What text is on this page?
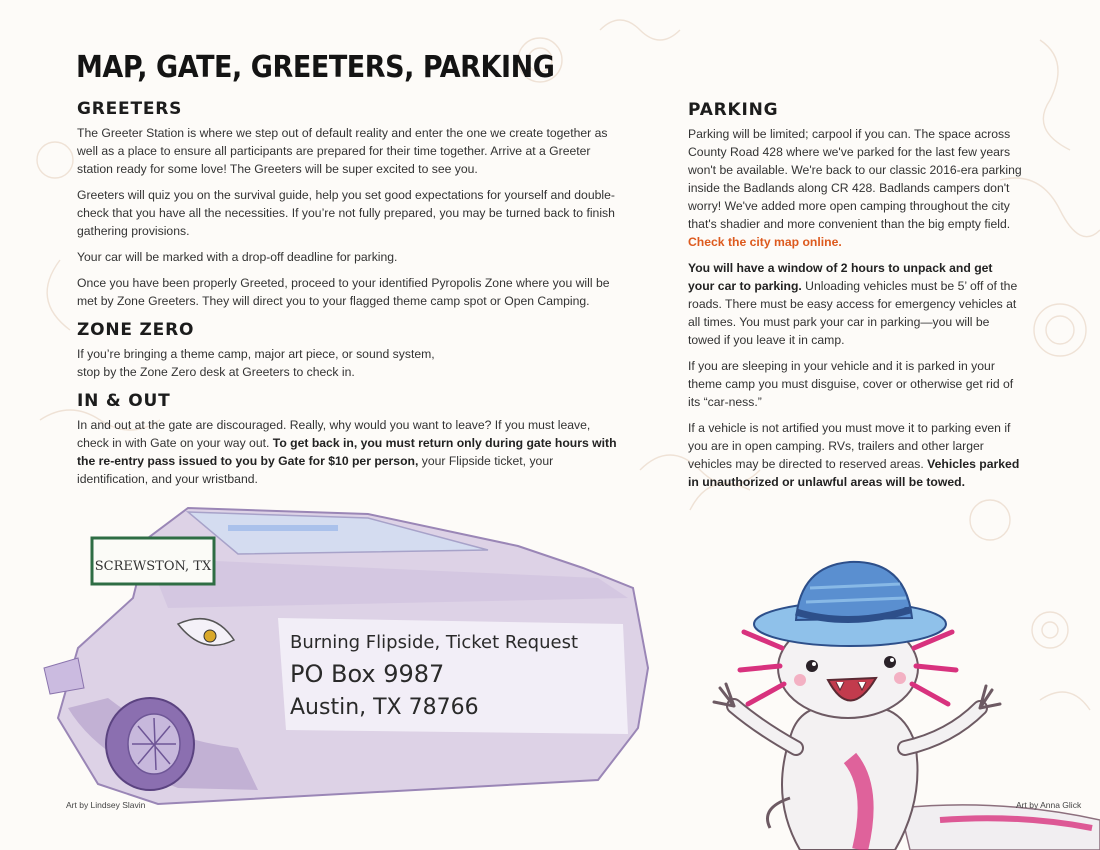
MAP, GATE, GREETERS, PARKING
GREETERS

The Greeter Station is where we step out of default reality and enter the one we create together as well as a place to ensure all participants are prepared for their time together. Arrive at a Greeter station ready for some love! The Greeters will be super excited to see you.

Greeters will quiz you on the survival guide, help you set good expectations for yourself and double-check that you have all the necessities. If you’re not fully prepared, you may be turned back to finish gathering provisions.

Your car will be marked with a drop-off deadline for parking.

Once you have been properly Greeted, proceed to your identified Pyropolis Zone where you will be met by Zone Greeters. They will direct you to your flagged theme camp spot or Open Camping.

ZONE ZERO

If you’re bringing a theme camp, major art piece, or sound system,
stop by the Zone Zero desk at Greeters to check in.

IN & OUT

In and out at the gate are discouraged. Really, why would you want to leave? If you must leave, check in with Gate on your way out. To get back in, you must return only during gate hours with the re-entry pass issued to you by Gate for $10 per person, your Flipside ticket, your identification, and your wristband.

PARKING

Parking will be limited; carpool if you can. The space across County Road 428 where we've parked for the last few years won't be available. We're back to our classic 2016-era parking inside the Badlands along CR 428. Badlands campers don't worry! We've added more open camping throughout the city that's shadier and more convenient than the big empty field. Check the city map online.

You will have a window of 2 hours to unpack and get your car to parking. Unloading vehicles must be 5’ off of the roads. There must be easy access for emergency vehicles at all times. You must park your car in parking—you will be towed if you leave it in camp.

If you are sleeping in your vehicle and it is parked in your theme camp you must disguise, cover or otherwise get rid of its “car-ness.”

If a vehicle is not artified you must move it to parking even if you are in open camping. RVs, trailers and other larger vehicles may be directed to reserved areas. Vehicles parked in unauthorized or unlawful areas will be towed.

SCREWSTON, TX
Burning Flipside, Ticket Request
PO Box 9987
Austin, TX 78766
Art by Lindsey Slavin	Art by Anna Glick
